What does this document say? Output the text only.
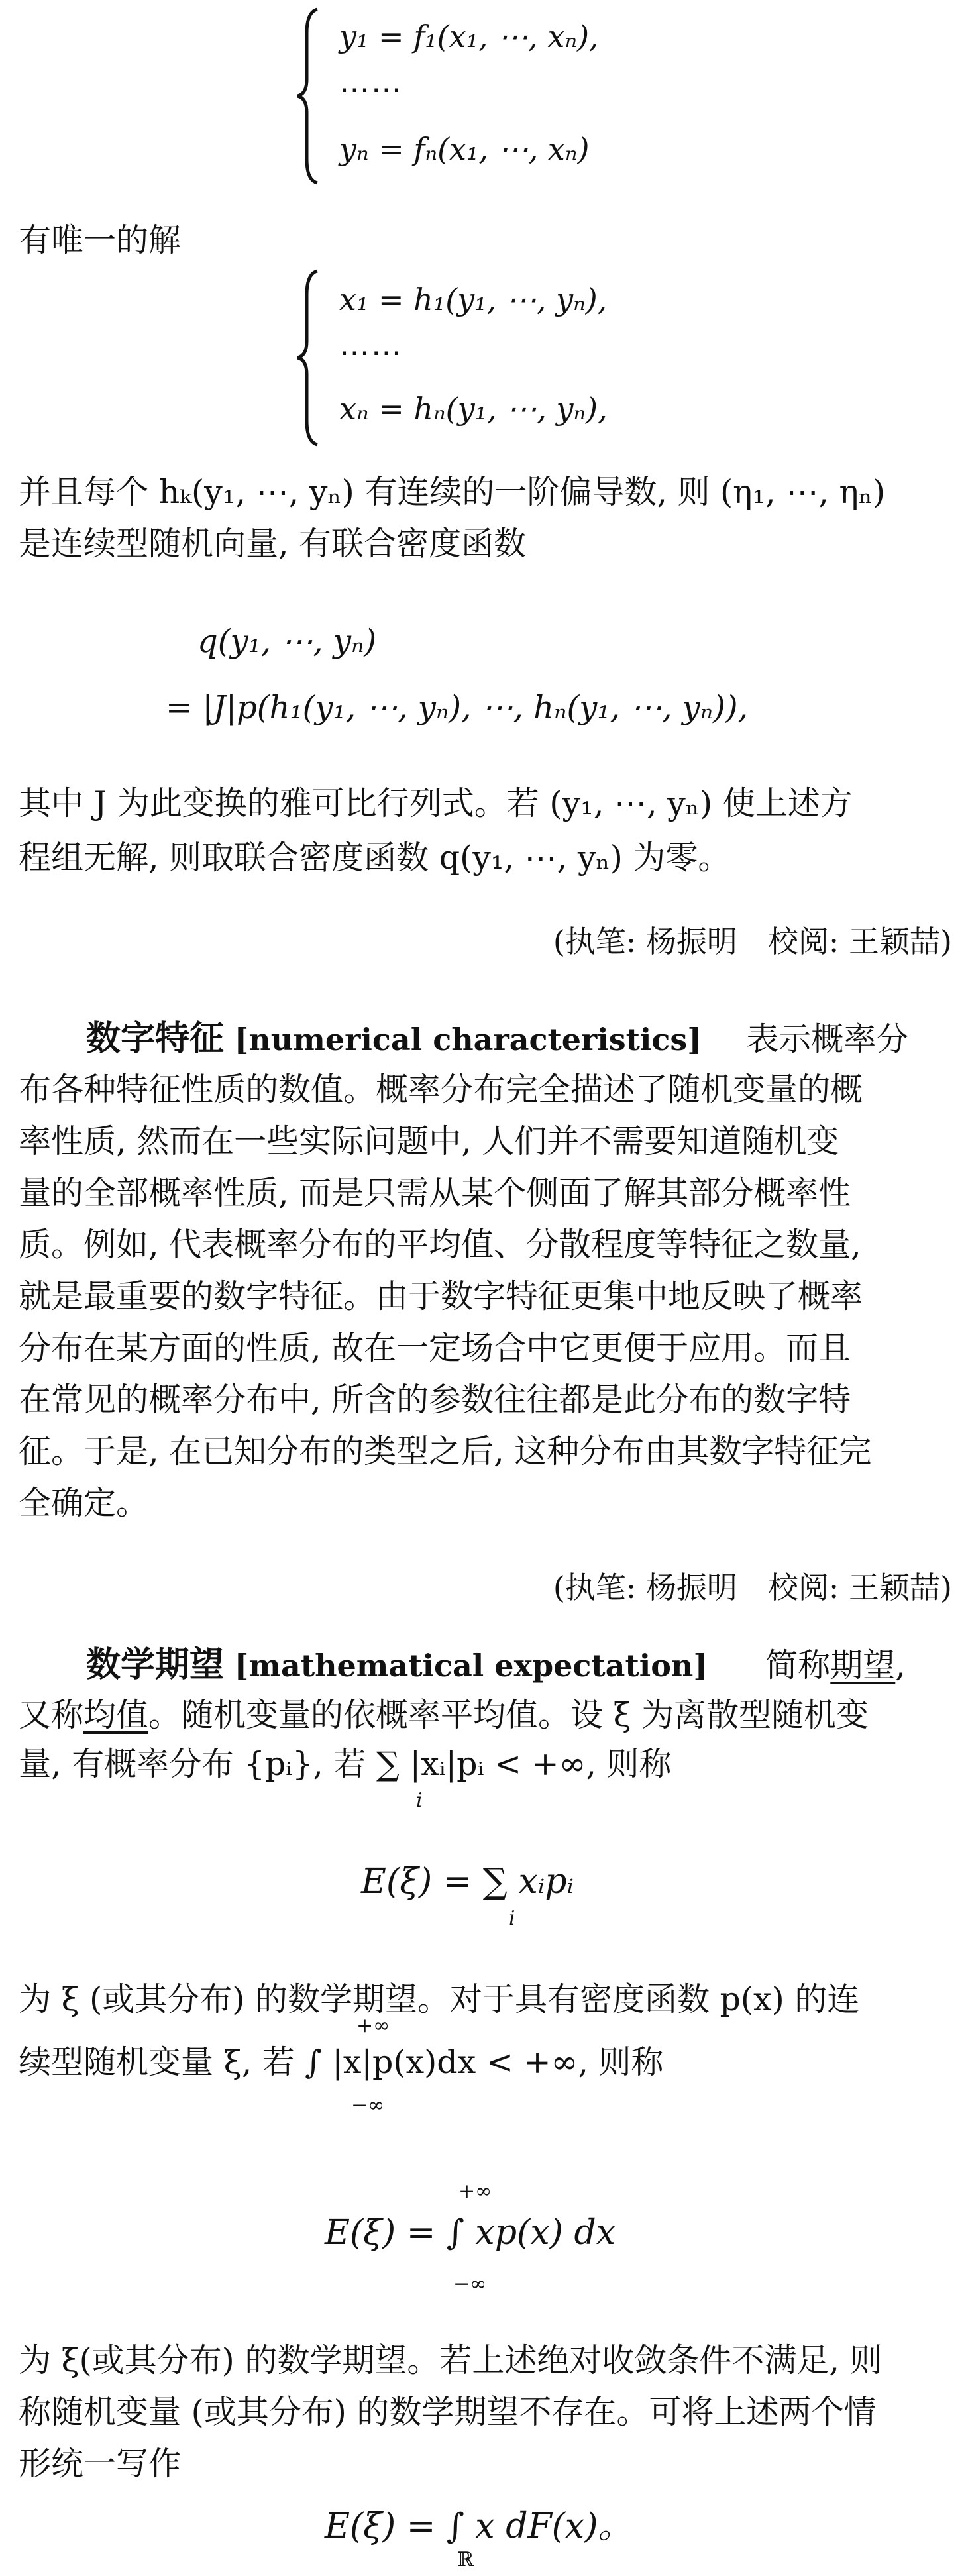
y₁ = f₁(x₁, ⋯, xₙ),
⋯⋯
yₙ = fₙ(x₁, ⋯, xₙ)
有唯一的解
x₁ = h₁(y₁, ⋯, yₙ),
⋯⋯
xₙ = hₙ(y₁, ⋯, yₙ),
并且每个 hₖ(y₁, ⋯, yₙ) 有连续的一阶偏导数, 则 (η₁, ⋯, ηₙ)
是连续型随机向量, 有联合密度函数
q(y₁, ⋯, yₙ)
= |J|p(h₁(y₁, ⋯, yₙ), ⋯, hₙ(y₁, ⋯, yₙ)),
其中 J 为此变换的雅可比行列式。若 (y₁, ⋯, yₙ) 使上述方
程组无解, 则取联合密度函数 q(y₁, ⋯, yₙ) 为零。
(执笔: 杨振明　校阅: 王颖喆)
数字特征 [numerical characteristics] 表示概率分
布各种特征性质的数值。概率分布完全描述了随机变量的概
率性质, 然而在一些实际问题中, 人们并不需要知道随机变
量的全部概率性质, 而是只需从某个侧面了解其部分概率性
质。例如, 代表概率分布的平均值、分散程度等特征之数量,
就是最重要的数字特征。由于数字特征更集中地反映了概率
分布在某方面的性质, 故在一定场合中它更便于应用。而且
在常见的概率分布中, 所含的参数往往都是此分布的数字特
征。于是, 在已知分布的类型之后, 这种分布由其数字特征完
全确定。
(执笔: 杨振明　校阅: 王颖喆)
数学期望 [mathematical expectation] 简称期望,
又称均值。随机变量的依概率平均值。设 ξ 为离散型随机变
量, 有概率分布 {pᵢ}, 若 ∑ |xᵢ|pᵢ < +∞, 则称
i
E(ξ) = ∑ xᵢpᵢ
i
为 ξ (或其分布) 的数学期望。对于具有密度函数 p(x) 的连
续型随机变量 ξ, 若 ∫ |x|p(x)dx < +∞, 则称
+∞
−∞
E(ξ) = ∫ xp(x) dx
+∞
−∞
为 ξ(或其分布) 的数学期望。若上述绝对收敛条件不满足, 则
称随机变量 (或其分布) 的数学期望不存在。可将上述两个情
形统一写作
E(ξ) = ∫ x dF(x)。
ℝ
